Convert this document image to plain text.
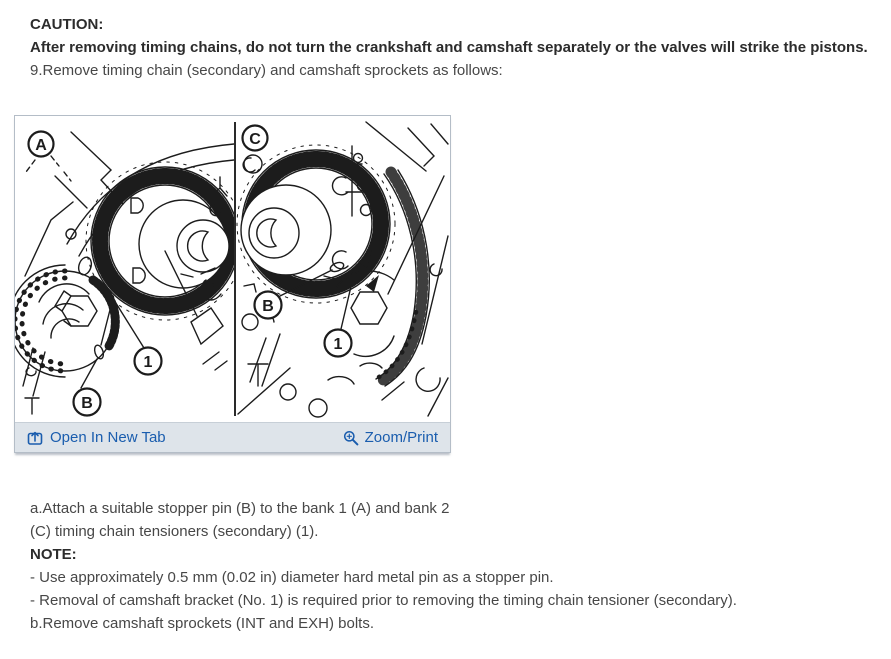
CAUTION:
After removing timing chains, do not turn the crankshaft and camshaft separately or the valves will strike the pistons.
9.Remove timing chain (secondary) and camshaft sprockets as follows:
A
B
1
C
B
1
Open In New Tab	Zoom/Print
a.Attach a suitable stopper pin (B) to the bank 1 (A) and bank 2
(C) timing chain tensioners (secondary) (1).
NOTE:
- Use approximately 0.5 mm (0.02 in) diameter hard metal pin as a stopper pin.
- Removal of camshaft bracket (No. 1) is required prior to removing the timing chain tensioner (secondary).
b.Remove camshaft sprockets (INT and EXH) bolts.
